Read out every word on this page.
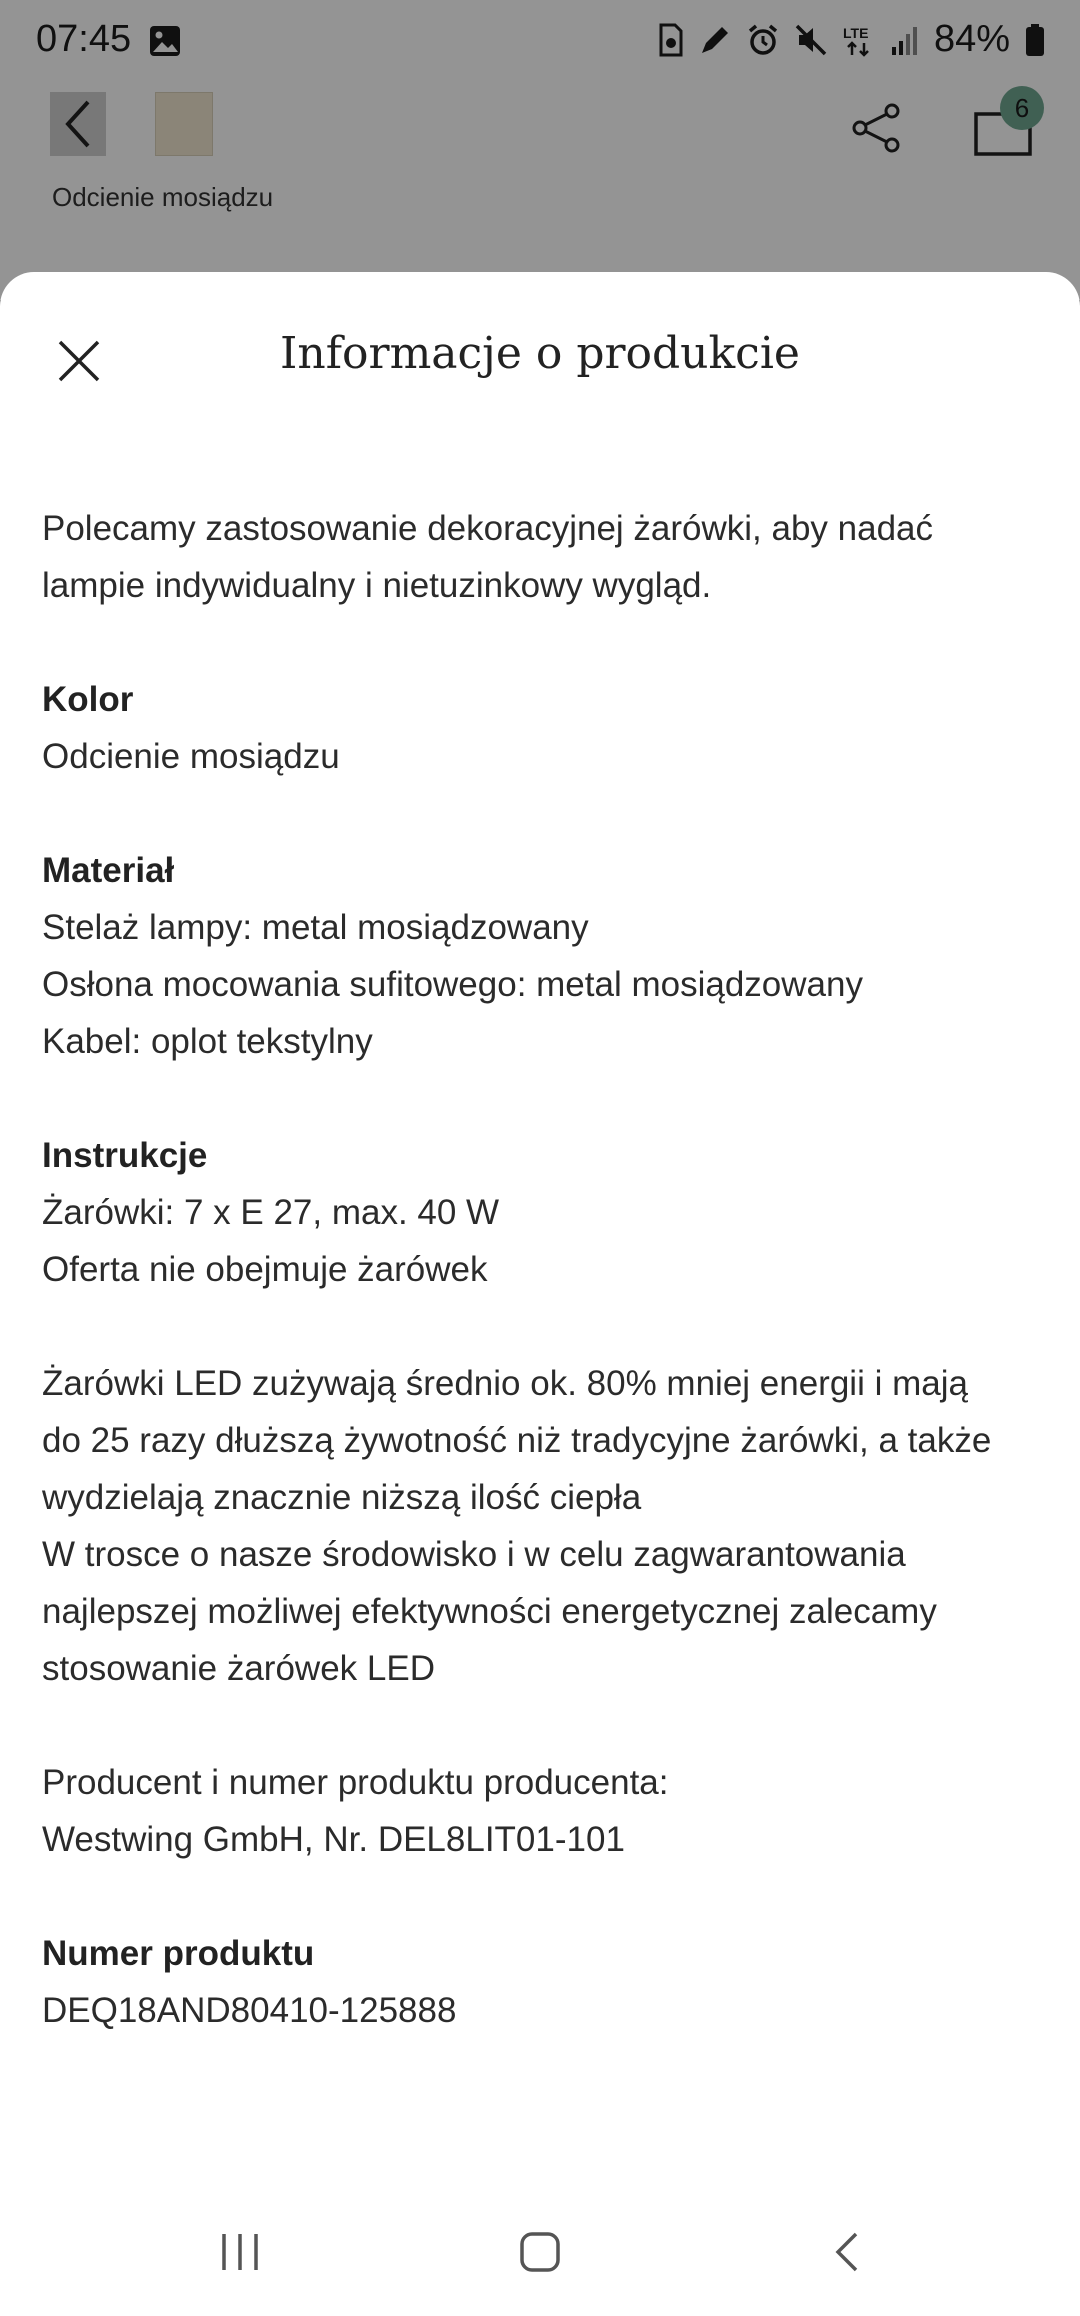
07:45	LTE 84%
6
Odcienie mosiądzu
Informacje o produkcie
Polecamy zastosowanie dekoracyjnej żarówki, aby nadać
lampie indywidualny i nietuzinkowy wygląd.
Kolor
Odcienie mosiądzu
Materiał
Stelaż lampy: metal mosiądzowany
Osłona mocowania sufitowego: metal mosiądzowany
Kabel: oplot tekstylny
Instrukcje
Żarówki: 7 x E 27, max. 40 W
Oferta nie obejmuje żarówek
Żarówki LED zużywają średnio ok. 80% mniej energii i mają
do 25 razy dłuższą żywotność niż tradycyjne żarówki, a także
wydzielają znacznie niższą ilość ciepła
W trosce o nasze środowisko i w celu zagwarantowania
najlepszej możliwej efektywności energetycznej zalecamy
stosowanie żarówek LED
Producent i numer produktu producenta:
Westwing GmbH, Nr. DEL8LIT01-101
Numer produktu
DEQ18AND80410-125888
